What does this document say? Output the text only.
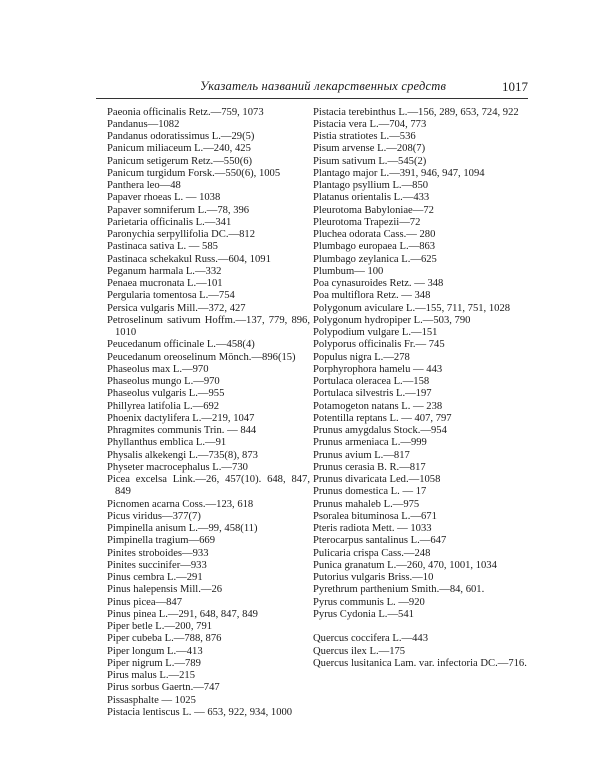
Указатель названий лекарственных средств	1017
Paeonia officinalis Retz.—759, 1073
Pandanus—1082
Pandanus odoratissimus L.—29(5)
Panicum miliaceum L.—240, 425
Panicum setigerum Retz.—550(6)
Panicum turgidum Forsk.—550(6), 1005
Panthera leo—48
Papaver rhoeas L. — 1038
Papaver somniferum L.—78, 396
Parietaria officinalis L.—341
Paronychia serpyllifolia DC.—812
Pastinaca sativa L. — 585
Pastinaca schekakul Russ.—604, 1091
Peganum harmala L.—332
Penaea mucronata L.—101
Pergularia tomentosa L.—754
Persica vulgaris Mill.—372, 427
Petroselinum sativum Hoffm.—137, 779, 896, 1010
Peucedanum officinale L.—458(4)
Peucedanum oreoselinum Mönch.—896(15)
Phaseolus max L.—970
Phaseolus mungo L.—970
Phaseolus vulgaris L.—955
Phillyrea latifolia L.—692
Phoenix dactylifera L.—219, 1047
Phragmites communis Trin. — 844
Phyllanthus emblica L.—91
Physalis alkekengi L.—735(8), 873
Physeter macrocephalus L.—730
Picea excelsa Link.—26, 457(10). 648, 847, 849
Picnomen acarna Coss.—123, 618
Picus viridus—377(7)
Pimpinella anisum L.—99, 458(11)
Pimpinella tragium—669
Pinites stroboides—933
Pinites succinifer—933
Pinus cembra L.—291
Pinus halepensis Mill.—26
Pinus picea—847
Pinus pinea L.—291, 648, 847, 849
Piper betle L.—200, 791
Piper cubeba L.—788, 876
Piper longum L.—413
Piper nigrum L.—789
Pirus malus L.—215
Pirus sorbus Gaertn.—747
Pissasphalte — 1025
Pistacia lentiscus L. — 653, 922, 934, 1000
Pistacia terebinthus L.—156, 289, 653, 724, 922
Pistacia vera L.—704, 773
Pistia stratiotes L.—536
Pisum arvense L.—208(7)
Pisum sativum L.—545(2)
Plantago major L.—391, 946, 947, 1094
Plantago psyllium L.—850
Platanus orientalis L.—433
Pleurotoma Babyloniae—72
Pleurotoma Trapezii—72
Pluchea odorata Cass.— 280
Plumbago europaea L.—863
Plumbago zeylanica L.—625
Plumbum— 100
Poa cynasuroides Retz. — 348
Poa multiflora Retz. — 348
Polygonum aviculare L.—155, 711, 751, 1028
Polygonum hydropiper L.—503, 790
Polypodium vulgare L.—151
Polyporus officinalis Fr.— 745
Populus nigra L.—278
Porphyrophora hamelu — 443
Portulaca oleracea L.—158
Portulaca silvestris L.—197
Potamogeton natans L. — 238
Potentilla reptans L. — 407, 797
Prunus amygdalus Stock.—954
Prunus armeniaca L.—999
Prunus avium L.—817
Prunus cerasia B. R.—817
Prunus divaricata Led.—1058
Prunus domestica L. — 17
Prunus mahaleb L.—975
Psoralea bituminosa L.—671
Pteris radiota Mett. — 1033
Pterocarpus santalinus L.—647
Pulicaria crispa Cass.—248
Punica granatum L.—260, 470, 1001, 1034
Putorius vulgaris Briss.—10
Pyrethrum parthenium Smith.—84, 601.
Pyrus communis L. —920
Pyrus Cydonia L.—541
Quercus coccifera L.—443
Quercus ilex L.—175
Quercus lusitanica Lam. var. infectoria DC.—716.
